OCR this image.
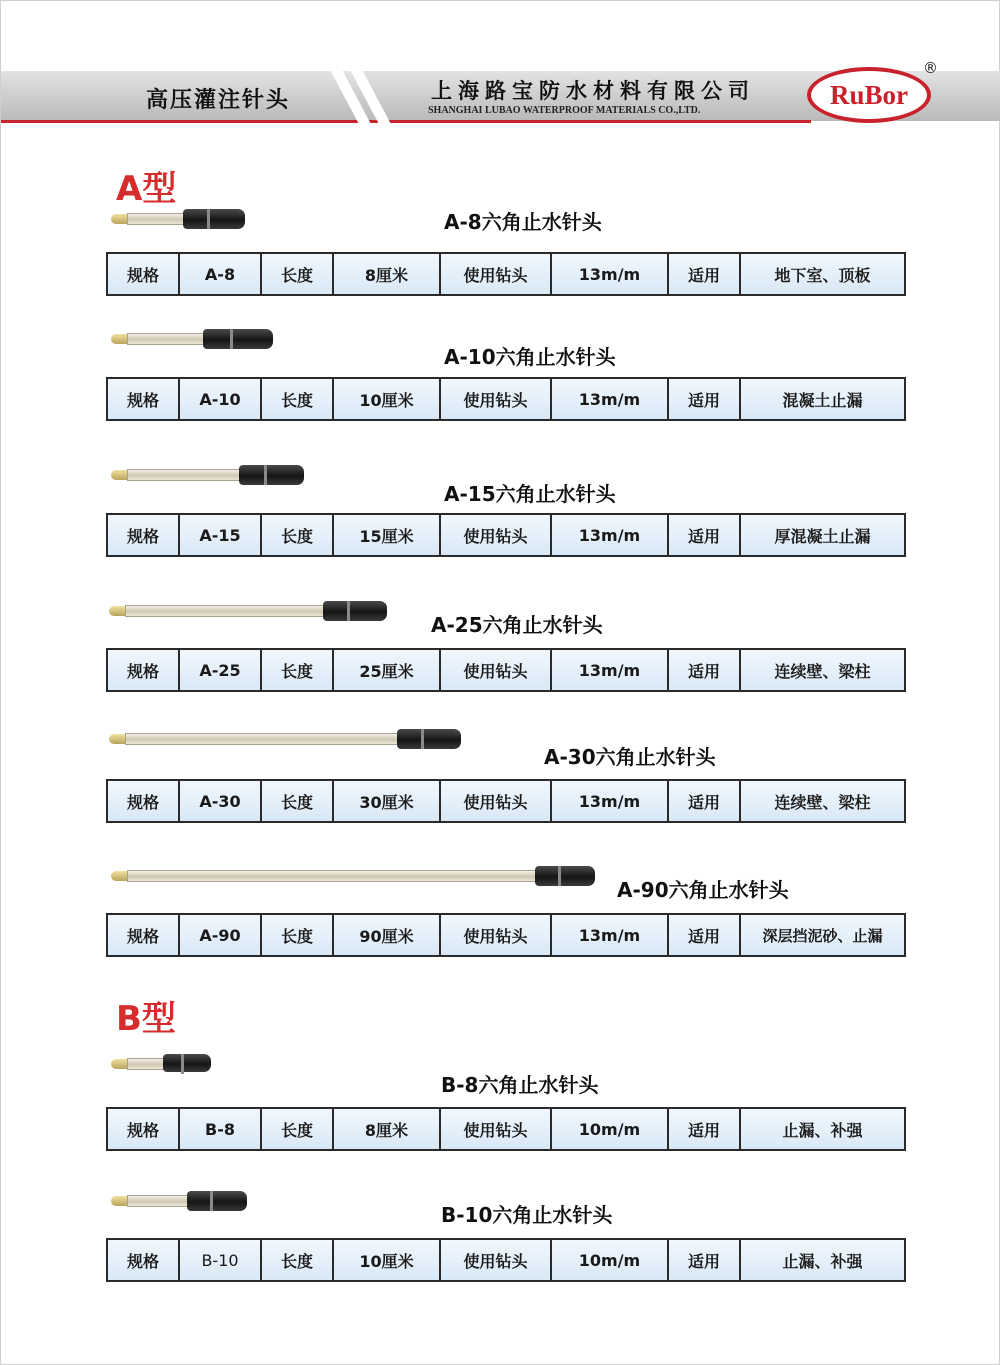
高压灌注针头	上海路宝防水材料有限公司
SHANGHAI LUBAO WATERPROOF MATERIALS CO.,LTD.
RuBor
®
A型
A-8六角止水针头
规格	A-8	长度	8厘米	使用钻头	13m/m	适用	地下室、顶板
A-10六角止水针头
规格	A-10	长度	10厘米	使用钻头	13m/m	适用	混凝土止漏
A-15六角止水针头
规格	A-15	长度	15厘米	使用钻头	13m/m	适用	厚混凝土止漏
A-25六角止水针头
规格	A-25	长度	25厘米	使用钻头	13m/m	适用	连续壁、梁柱
A-30六角止水针头
规格	A-30	长度	30厘米	使用钻头	13m/m	适用	连续壁、梁柱
A-90六角止水针头
规格	A-90	长度	90厘米	使用钻头	13m/m	适用	深层挡泥砂、止漏
B型
B-8六角止水针头
规格	B-8	长度	8厘米	使用钻头	10m/m	适用	止漏、补强
B-10六角止水针头
规格	B-10	长度	10厘米	使用钻头	10m/m	适用	止漏、补强
